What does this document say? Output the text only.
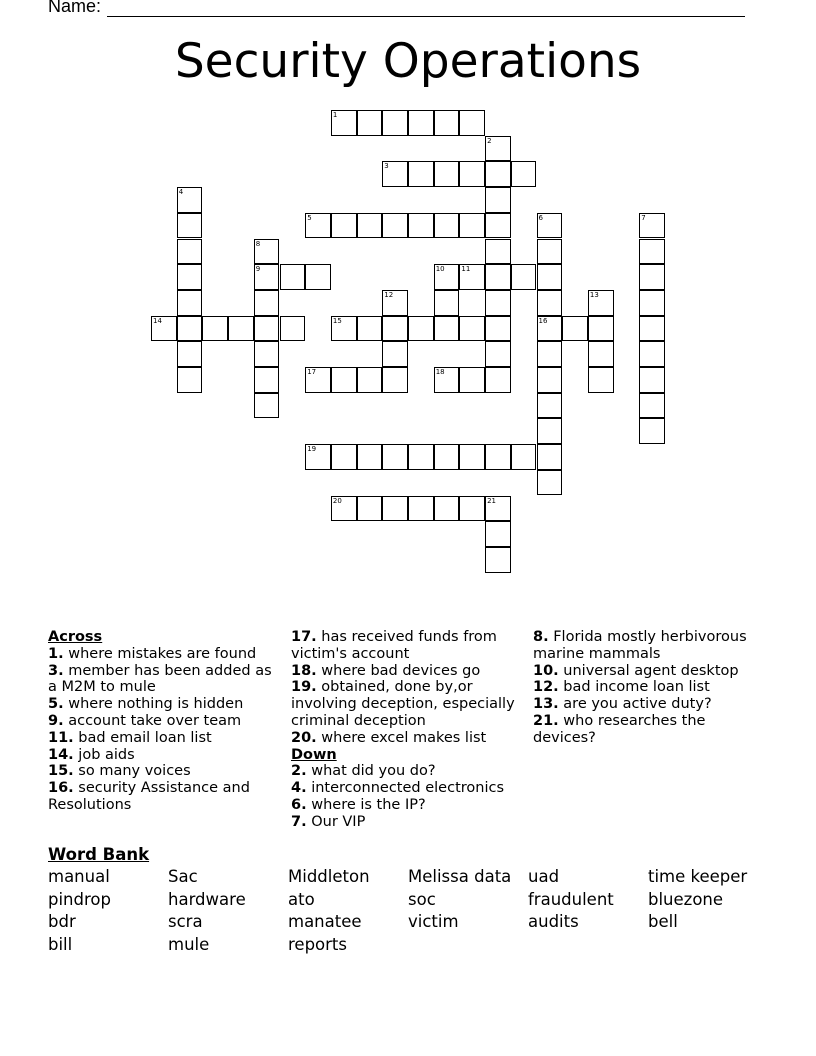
Name:
Security Operations
1
2
3
4
5	6	7
8
9	10 11
12	13
14	15	16
17	18
19
20	21
Across
1. where mistakes are found
3. member has been added as a M2M to mule
5. where nothing is hidden
9. account take over team
11. bad email loan list
14. job aids
15. so many voices
16. security Assistance and Resolutions
17. has received funds from victim's account
18. where bad devices go
19. obtained, done by,or involving deception, especially criminal deception
20. where excel makes list
Down
2. what did you do?
4. interconnected electronics
6. where is the IP?
7. Our VIP
8. Florida mostly herbivorous marine mammals
10. universal agent desktop
12. bad income loan list
13. are you active duty?
21. who researches the devices?
Word Bank
manual	Sac	Middleton	Melissa data	uad	time keeper
pindrop	hardware	ato	soc	fraudulent	bluezone
bdr	scra	manatee	victim	audits	bell
bill	mule	reports
